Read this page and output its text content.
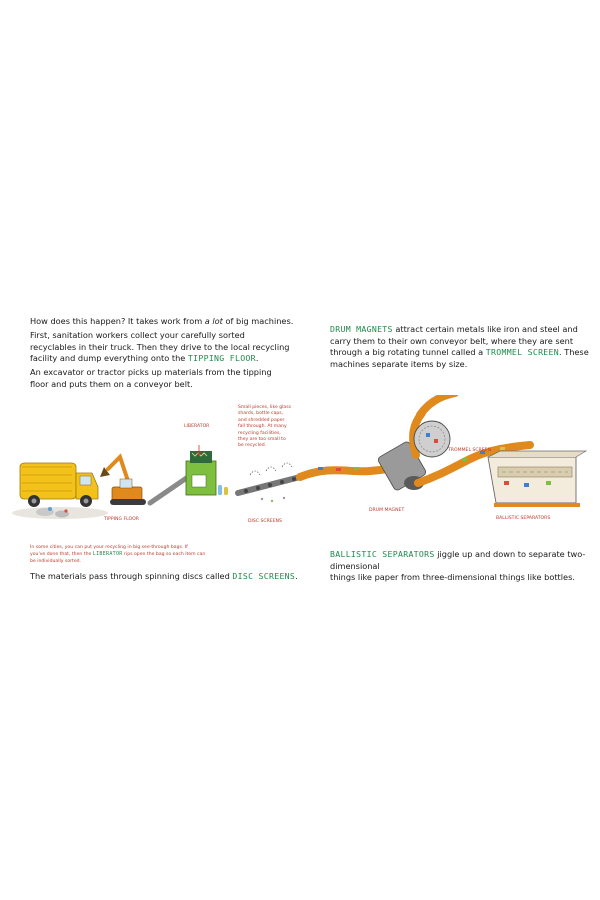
How does this happen? It takes work from a lot of big machines.
First, sanitation workers collect your carefully sorted
recyclables in their truck. Then they drive to the local recycling
facility and dump everything onto the TIPPING FLOOR.
An excavator or tractor picks up materials from the tipping
floor and puts them on a conveyor belt.
DRUM MAGNETS attract certain metals like iron and steel and
carry them to their own conveyor belt, where they are sent
through a big rotating tunnel called a TROMMEL SCREEN. These
machines separate items by size.
BALLISTIC SEPARATORS jiggle up and down to separate two-dimensional
things like paper from three-dimensional things like bottles.
In some cities, you can put your recycling in big see-through bags. If
you've done that, then the LIBERATOR rips open the bag so each item can
be individually sorted.
The materials pass through spinning discs called DISC SCREENS.
LIBERATOR
TIPPING FLOOR	DISC SCREENS
DRUM MAGNET
TROMMEL SCREEN
BALLISTIC SEPARATORS
Small pieces, like glass
shards, bottle caps,
and shredded paper
fall through. At many
recycling facilities,
they are too small to
be recycled.
